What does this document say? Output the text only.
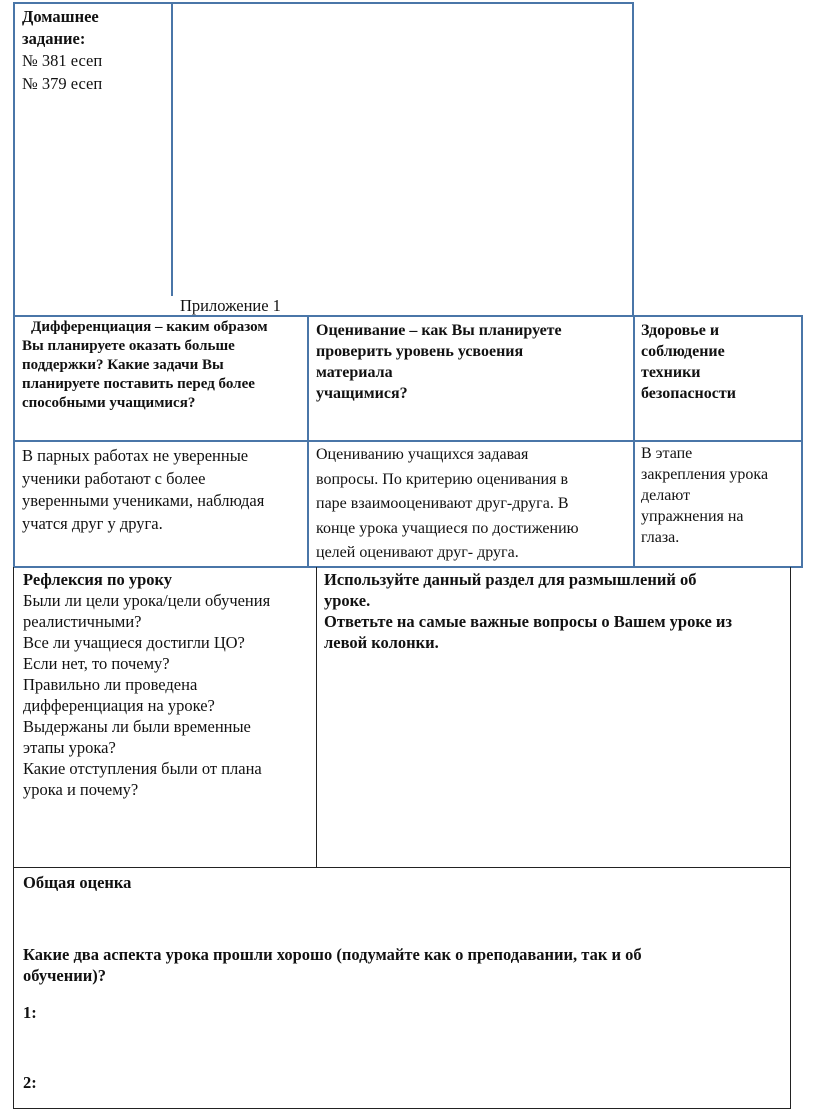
Домашнее

задание:

№ 381 есеп

№ 379 есеп

Приложение 1

Дифференциация – каким образом

Вы планируете оказать больше

поддержки? Какие задачи Вы

планируете поставить перед более

способными учащимися?

Оценивание – как Вы планируете

проверить уровень усвоения

материала

учащимися?

Здоровье и

соблюдение

техники

безопасности

В парных работах не уверенные

ученики работают с более

уверенными учениками, наблюдая

учатся друг у друга.

Оцениванию учащихся задавая

вопросы. По критерию оценивания в

паре взаимооценивают друг-друга. В

конце урока учащиеся по достижению

целей оценивают друг- друга.

В этапе

закрепления урока

делают

упражнения на

глаза.

Рефлексия по уроку

Были ли цели урока/цели обучения

реалистичными?

Все ли учащиеся достигли ЦО?

Если нет, то почему?

Правильно ли проведена

дифференциация на уроке?

Выдержаны ли были временные

этапы урока?

Какие отступления были от плана

урока и почему?

Используйте данный раздел для размышлений об

уроке.

Ответьте на самые важные вопросы о Вашем уроке из

левой колонки.

Общая оценка

Какие два аспекта урока прошли хорошо (подумайте как о преподавании, так и об

обучении)?

1:

2:
